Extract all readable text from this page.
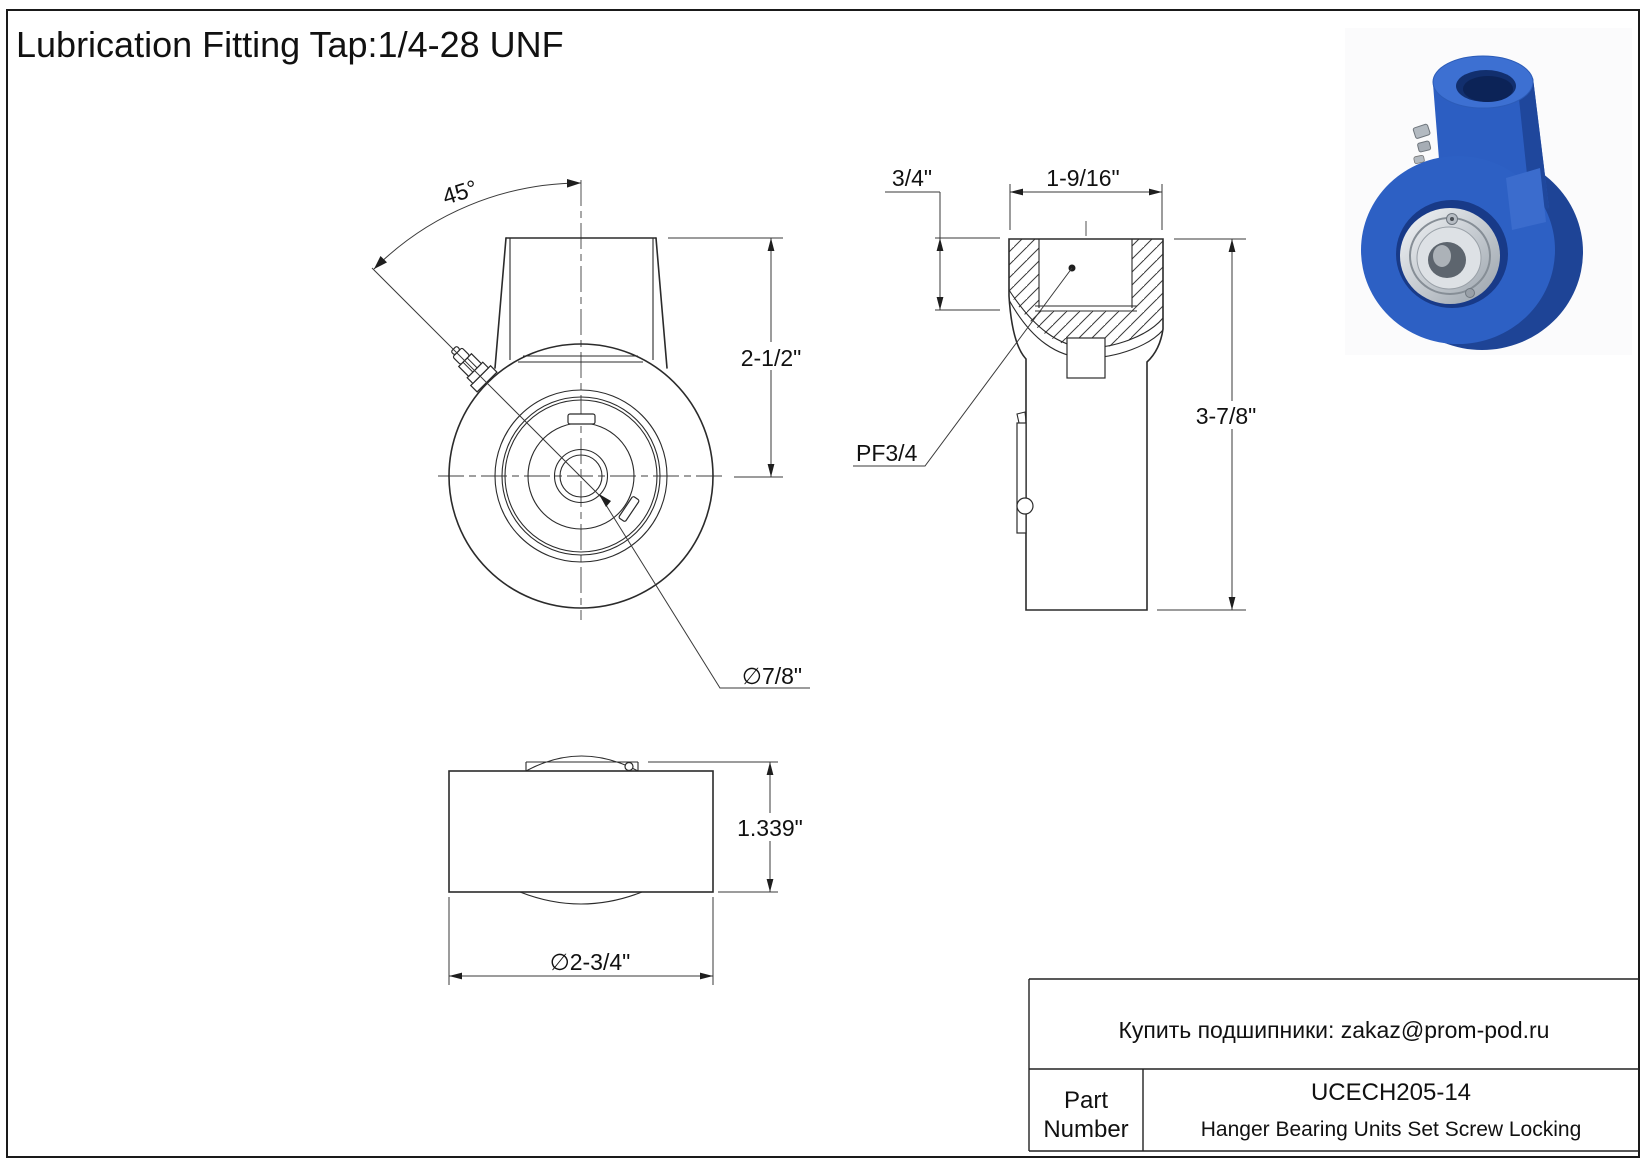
Lubrication Fitting Tap:1/4-28 UNF
∅7/8"
45°
2-1/2"
PF3/4
1-9/16"
3/4"
3-7/8"
1.339"
∅2-3/4"
Купить подшипники: zakaz@prom-pod.ru
Part
Number
UCECH205-14
Hanger Bearing Units Set Screw Locking
